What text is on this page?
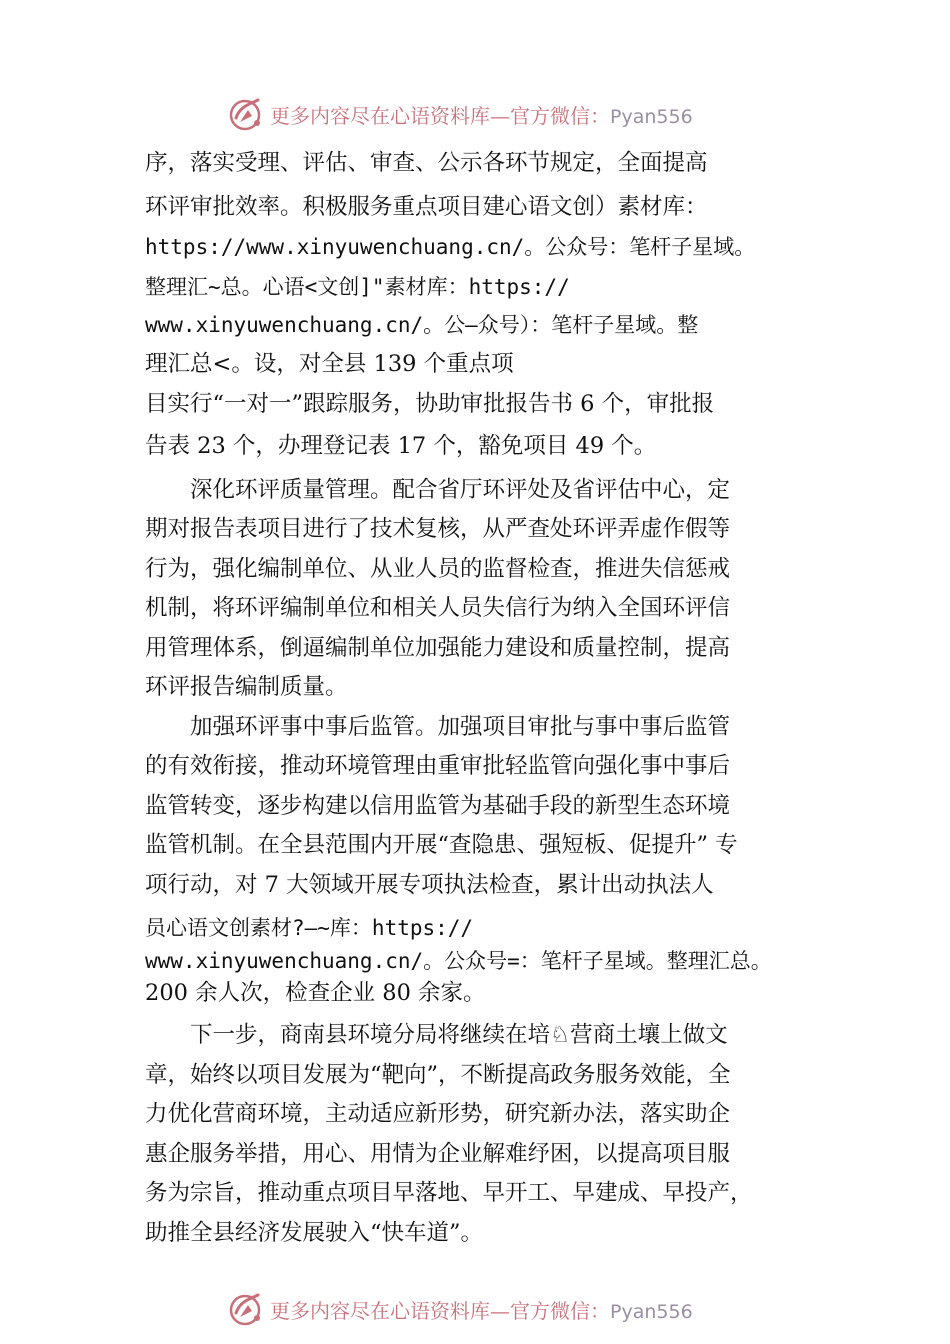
更多内容尽在心语资料库—官方微信：Pyan556
序，落实受理、评估、审查、公示各环节规定，全面提高
环评审批效率。积极服务重点项目建心语文创）素材库：
https://www.xinyuwenchuang.cn/。公众号：笔杆子星域。
整理汇~总。心语<文创]"素材库：https://
www.xinyuwenchuang.cn/。公—众号）：笔杆子星域。整
理汇总<。设，对全县 139 个重点项
目实行“一对一”跟踪服务，协助审批报告书 6 个，审批报
告表 23 个，办理登记表 17 个，豁免项目 49 个。
　　深化环评质量管理。配合省厅环评处及省评估中心，定
期对报告表项目进行了技术复核，从严查处环评弄虚作假等
行为，强化编制单位、从业人员的监督检查，推进失信惩戒
机制，将环评编制单位和相关人员失信行为纳入全国环评信
用管理体系，倒逼编制单位加强能力建设和质量控制，提高
环评报告编制质量。
　　加强环评事中事后监管。加强项目审批与事中事后监管
的有效衔接，推动环境管理由重审批轻监管向强化事中事后
监管转变，逐步构建以信用监管为基础手段的新型生态环境
监管机制。在全县范围内开展“查隐患、强短板、促提升” 专
项行动，对 7 大领域开展专项执法检查，累计出动执法人
员心语文创素材?—~库：https://
www.xinyuwenchuang.cn/。公众号=：笔杆子星域。整理汇总。
200 余人次，检查企业 80 余家。
　　下一步，商南县环境分局将继续在培♘营商土壤上做文
章，始终以项目发展为“靶向”，不断提高政务服务效能，全
力优化营商环境，主动适应新形势，研究新办法，落实助企
惠企服务举措，用心、用情为企业解难纾困，以提高项目服
务为宗旨，推动重点项目早落地、早开工、早建成、早投产，
助推全县经济发展驶入“快车道”。
更多内容尽在心语资料库—官方微信：Pyan556
